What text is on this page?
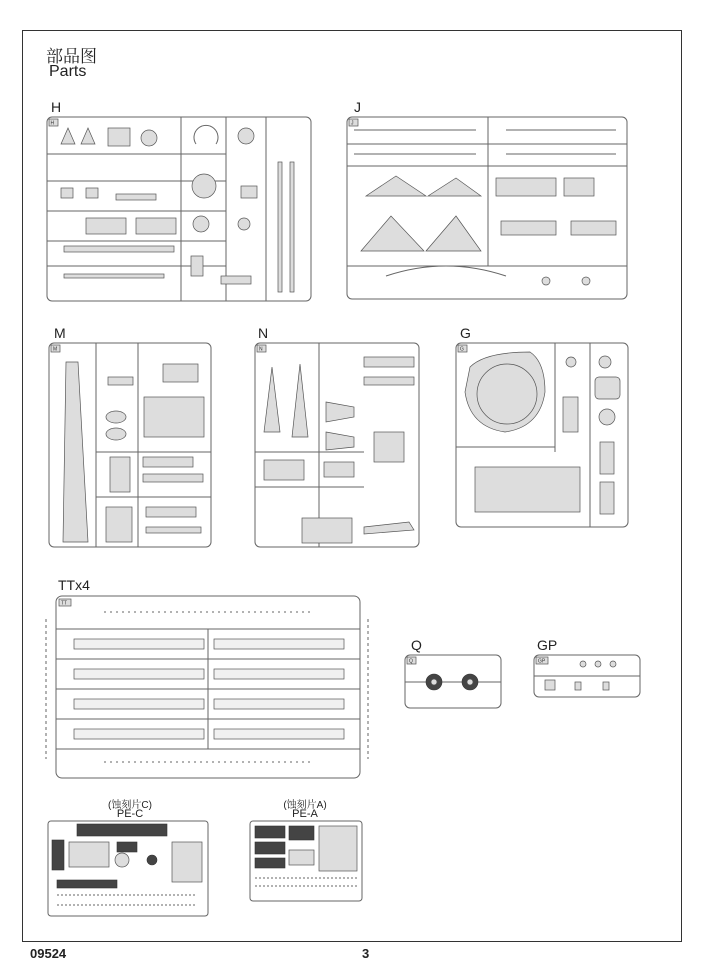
部品图
Parts
H
H
J
J
M
M
N
N
G
G
TTx4
TT
Q
Q
GP
GP
(蚀刻片C)
PE-C
(蚀刻片A)
PE-A
09524	3
